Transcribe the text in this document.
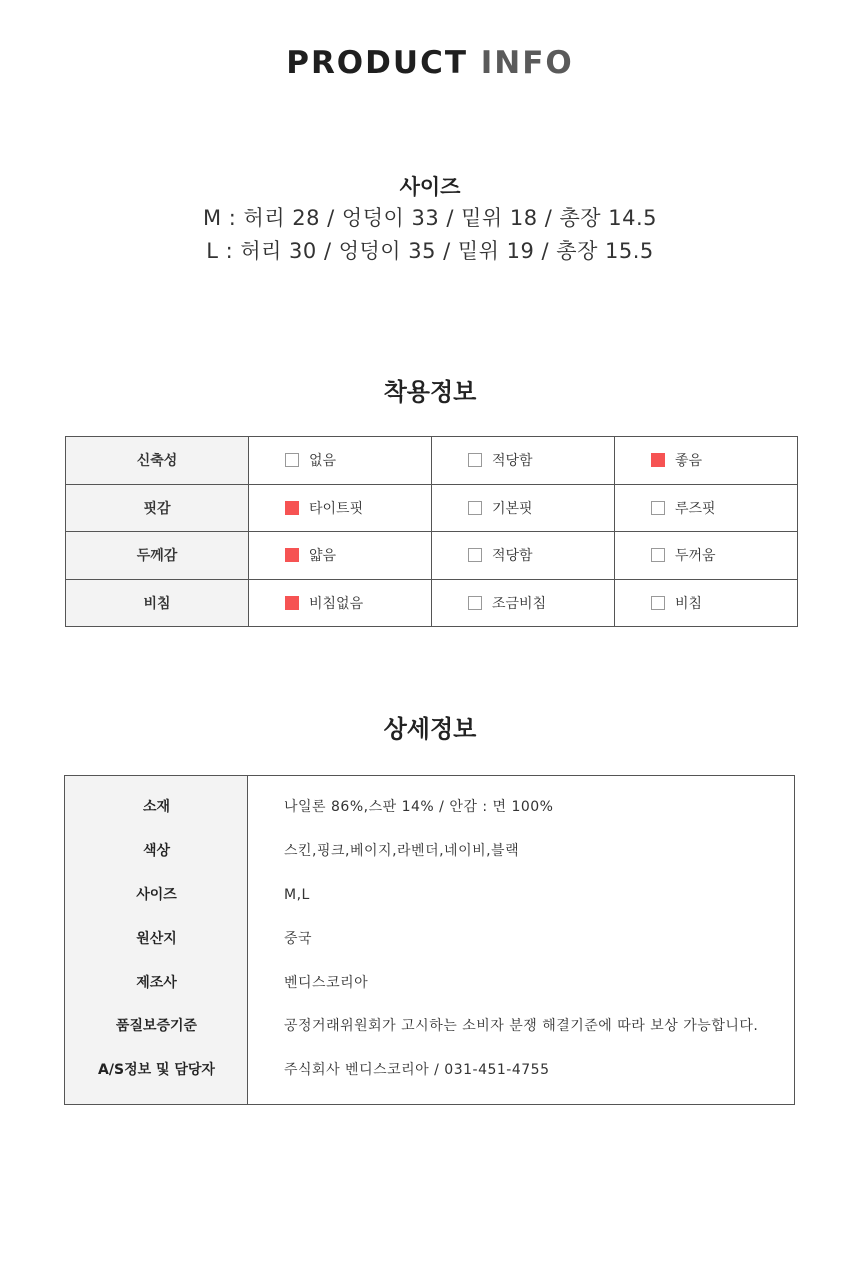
PRODUCT INFO
사이즈
M : 허리 28 / 엉덩이 33 / 밑위 18 / 총장 14.5
L : 허리 30 / 엉덩이 35 / 밑위 19 / 총장 15.5
착용정보
신축성	없음	적당함	좋음
핏감	타이트핏	기본핏	루즈핏
두께감	얇음	적당함	두꺼움
비침	비침없음	조금비침	비침
상세정보
소재	나일론 86%,스판 14% / 안감 : 면 100%
색상	스킨,핑크,베이지,라벤더,네이비,블랙
사이즈	M,L
원산지	중국
제조사	벤디스코리아
품질보증기준	공정거래위원회가 고시하는 소비자 분쟁 해결기준에 따라 보상 가능합니다.
A/S정보 및 담당자	주식회사 벤디스코리아 / 031-451-4755
